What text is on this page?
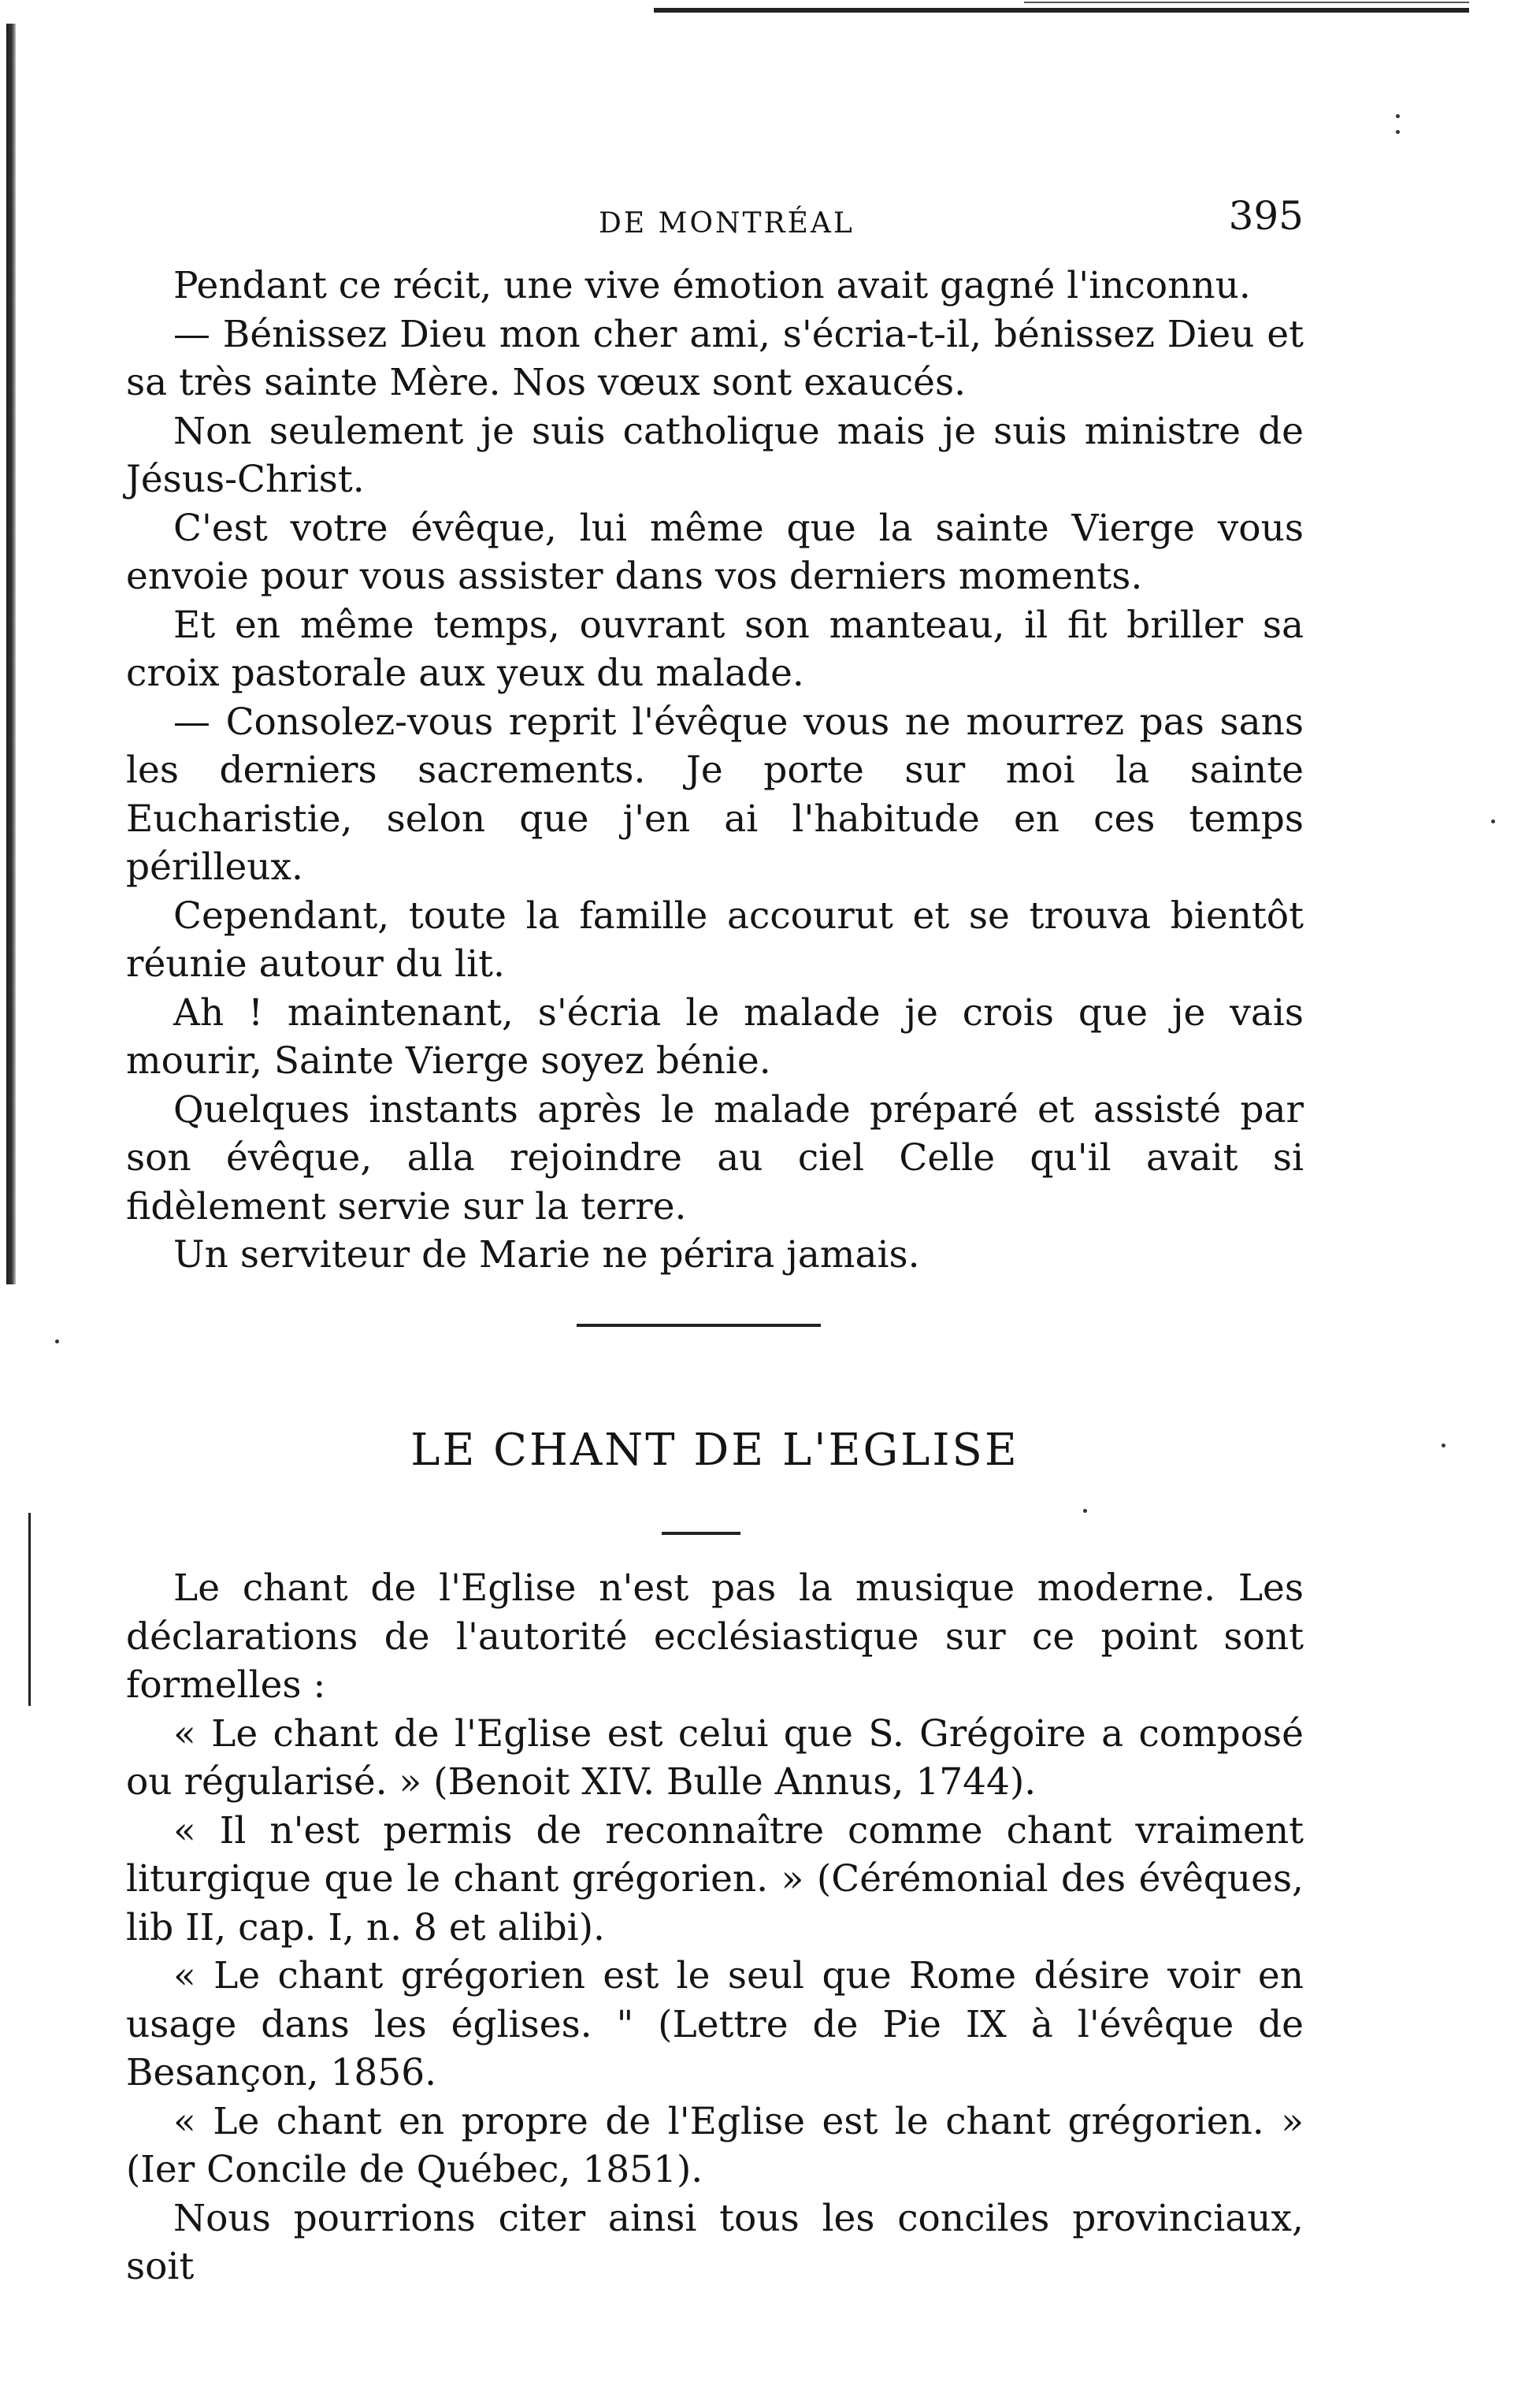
DE MONTRÉAL	395

Pendant ce récit, une vive émotion avait gagné l'inconnu.

— Bénissez Dieu mon cher ami, s'écria-t-il, bénissez Dieu et sa très sainte Mère. Nos vœux sont exaucés.

Non seulement je suis catholique mais je suis ministre de Jésus-Christ.

C'est votre évêque, lui même que la sainte Vierge vous envoie pour vous assister dans vos derniers moments.

Et en même temps, ouvrant son manteau, il fit briller sa croix pastorale aux yeux du malade.

— Consolez-vous reprit l'évêque vous ne mourrez pas sans les derniers sacrements. Je porte sur moi la sainte Eucharistie, selon que j'en ai l'habitude en ces temps périlleux.

Cependant, toute la famille accourut et se trouva bientôt réunie autour du lit.

Ah ! maintenant, s'écria le malade je crois que je vais mourir, Sainte Vierge soyez bénie.

Quelques instants après le malade préparé et assisté par son évêque, alla rejoindre au ciel Celle qu'il avait si fidèlement servie sur la terre.

Un serviteur de Marie ne périra jamais.

LE CHANT DE L'EGLISE

Le chant de l'Eglise n'est pas la musique moderne. Les déclarations de l'autorité ecclésiastique sur ce point sont formelles :

« Le chant de l'Eglise est celui que S. Grégoire a composé ou régularisé. » (Benoit XIV. Bulle Annus, 1744).

« Il n'est permis de reconnaître comme chant vraiment liturgique que le chant grégorien. » (Cérémonial des évêques, lib II, cap. I, n. 8 et alibi).

« Le chant grégorien est le seul que Rome désire voir en usage dans les églises. " (Lettre de Pie IX à l'évêque de Besançon, 1856.

« Le chant en propre de l'Eglise est le chant grégorien. » (Ier Concile de Québec, 1851).

Nous pourrions citer ainsi tous les conciles provinciaux, soit
